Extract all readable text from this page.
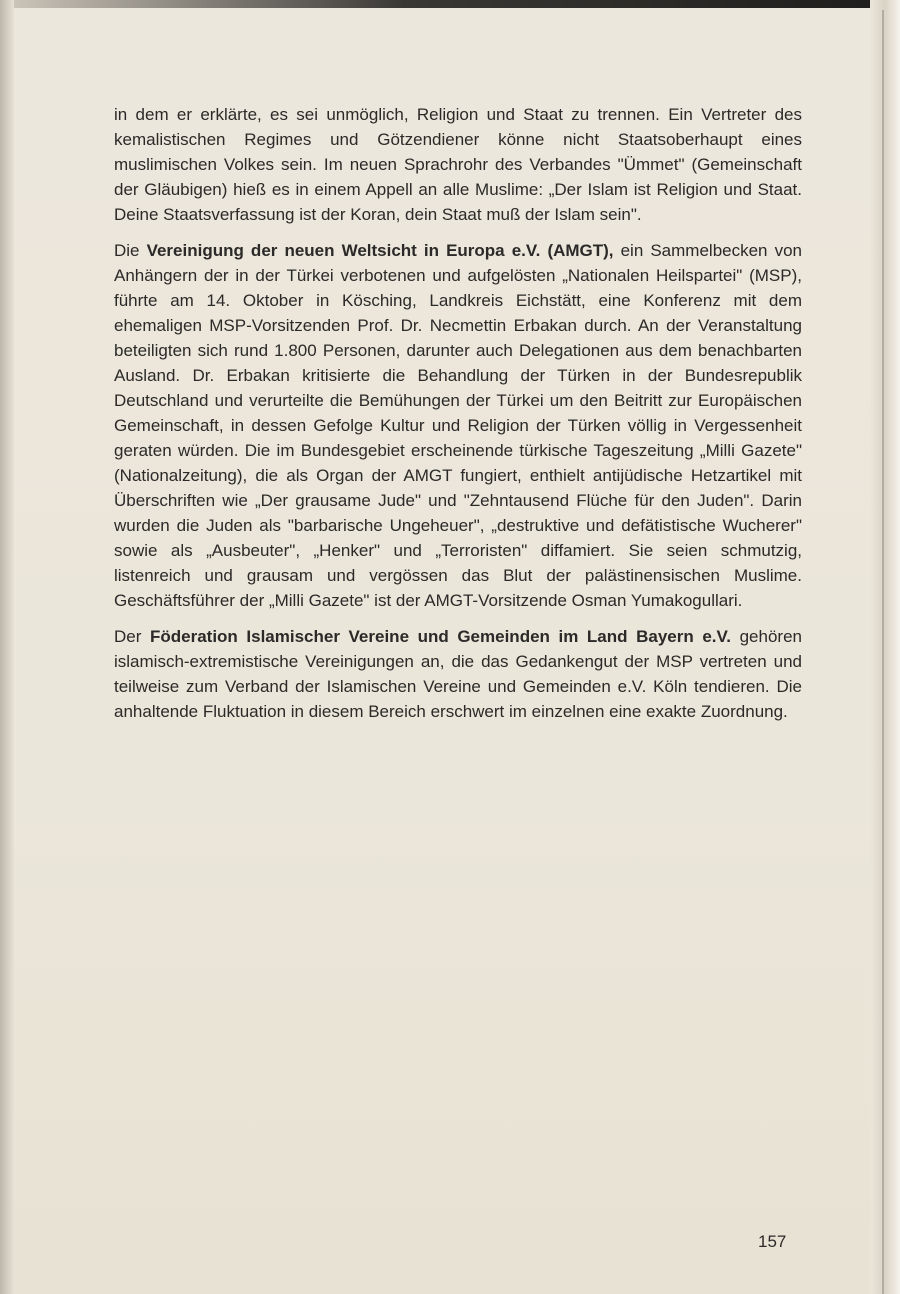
in dem er erklärte, es sei unmöglich, Religion und Staat zu trennen. Ein Vertreter des kemalistischen Regimes und Götzendiener könne nicht Staatsoberhaupt eines muslimischen Volkes sein. Im neuen Sprachrohr des Verbandes "Ümmet" (Gemeinschaft der Gläubigen) hieß es in einem Appell an alle Muslime: „Der Islam ist Religion und Staat. Deine Staatsverfassung ist der Koran, dein Staat muß der Islam sein".

Die Vereinigung der neuen Weltsicht in Europa e.V. (AMGT), ein Sammelbecken von Anhängern der in der Türkei verbotenen und aufgelösten „Nationalen Heilspartei" (MSP), führte am 14. Oktober in Kösching, Landkreis Eichstätt, eine Konferenz mit dem ehemaligen MSP-Vorsitzenden Prof. Dr. Necmettin Erbakan durch. An der Veranstaltung beteiligten sich rund 1.800 Personen, darunter auch Delegationen aus dem benachbarten Ausland. Dr. Erbakan kritisierte die Behandlung der Türken in der Bundesrepublik Deutschland und verurteilte die Bemühungen der Türkei um den Beitritt zur Europäischen Gemeinschaft, in dessen Gefolge Kultur und Religion der Türken völlig in Vergessenheit geraten würden. Die im Bundesgebiet erscheinende türkische Tageszeitung „Milli Gazete" (Nationalzeitung), die als Organ der AMGT fungiert, enthielt antijüdische Hetzartikel mit Überschriften wie „Der grausame Jude" und "Zehntausend Flüche für den Juden". Darin wurden die Juden als "barbarische Ungeheuer", „destruktive und defätistische Wucherer" sowie als „Ausbeuter", „Henker" und „Terroristen" diffamiert. Sie seien schmutzig, listenreich und grausam und vergössen das Blut der palästinensischen Muslime. Geschäftsführer der „Milli Gazete" ist der AMGT-Vorsitzende Osman Yumakogullari.

Der Föderation Islamischer Vereine und Gemeinden im Land Bayern e.V. gehören islamisch-extremistische Vereinigungen an, die das Gedankengut der MSP vertreten und teilweise zum Verband der Islamischen Vereine und Gemeinden e.V. Köln tendieren. Die anhaltende Fluktuation in diesem Bereich erschwert im einzelnen eine exakte Zuordnung.

157
